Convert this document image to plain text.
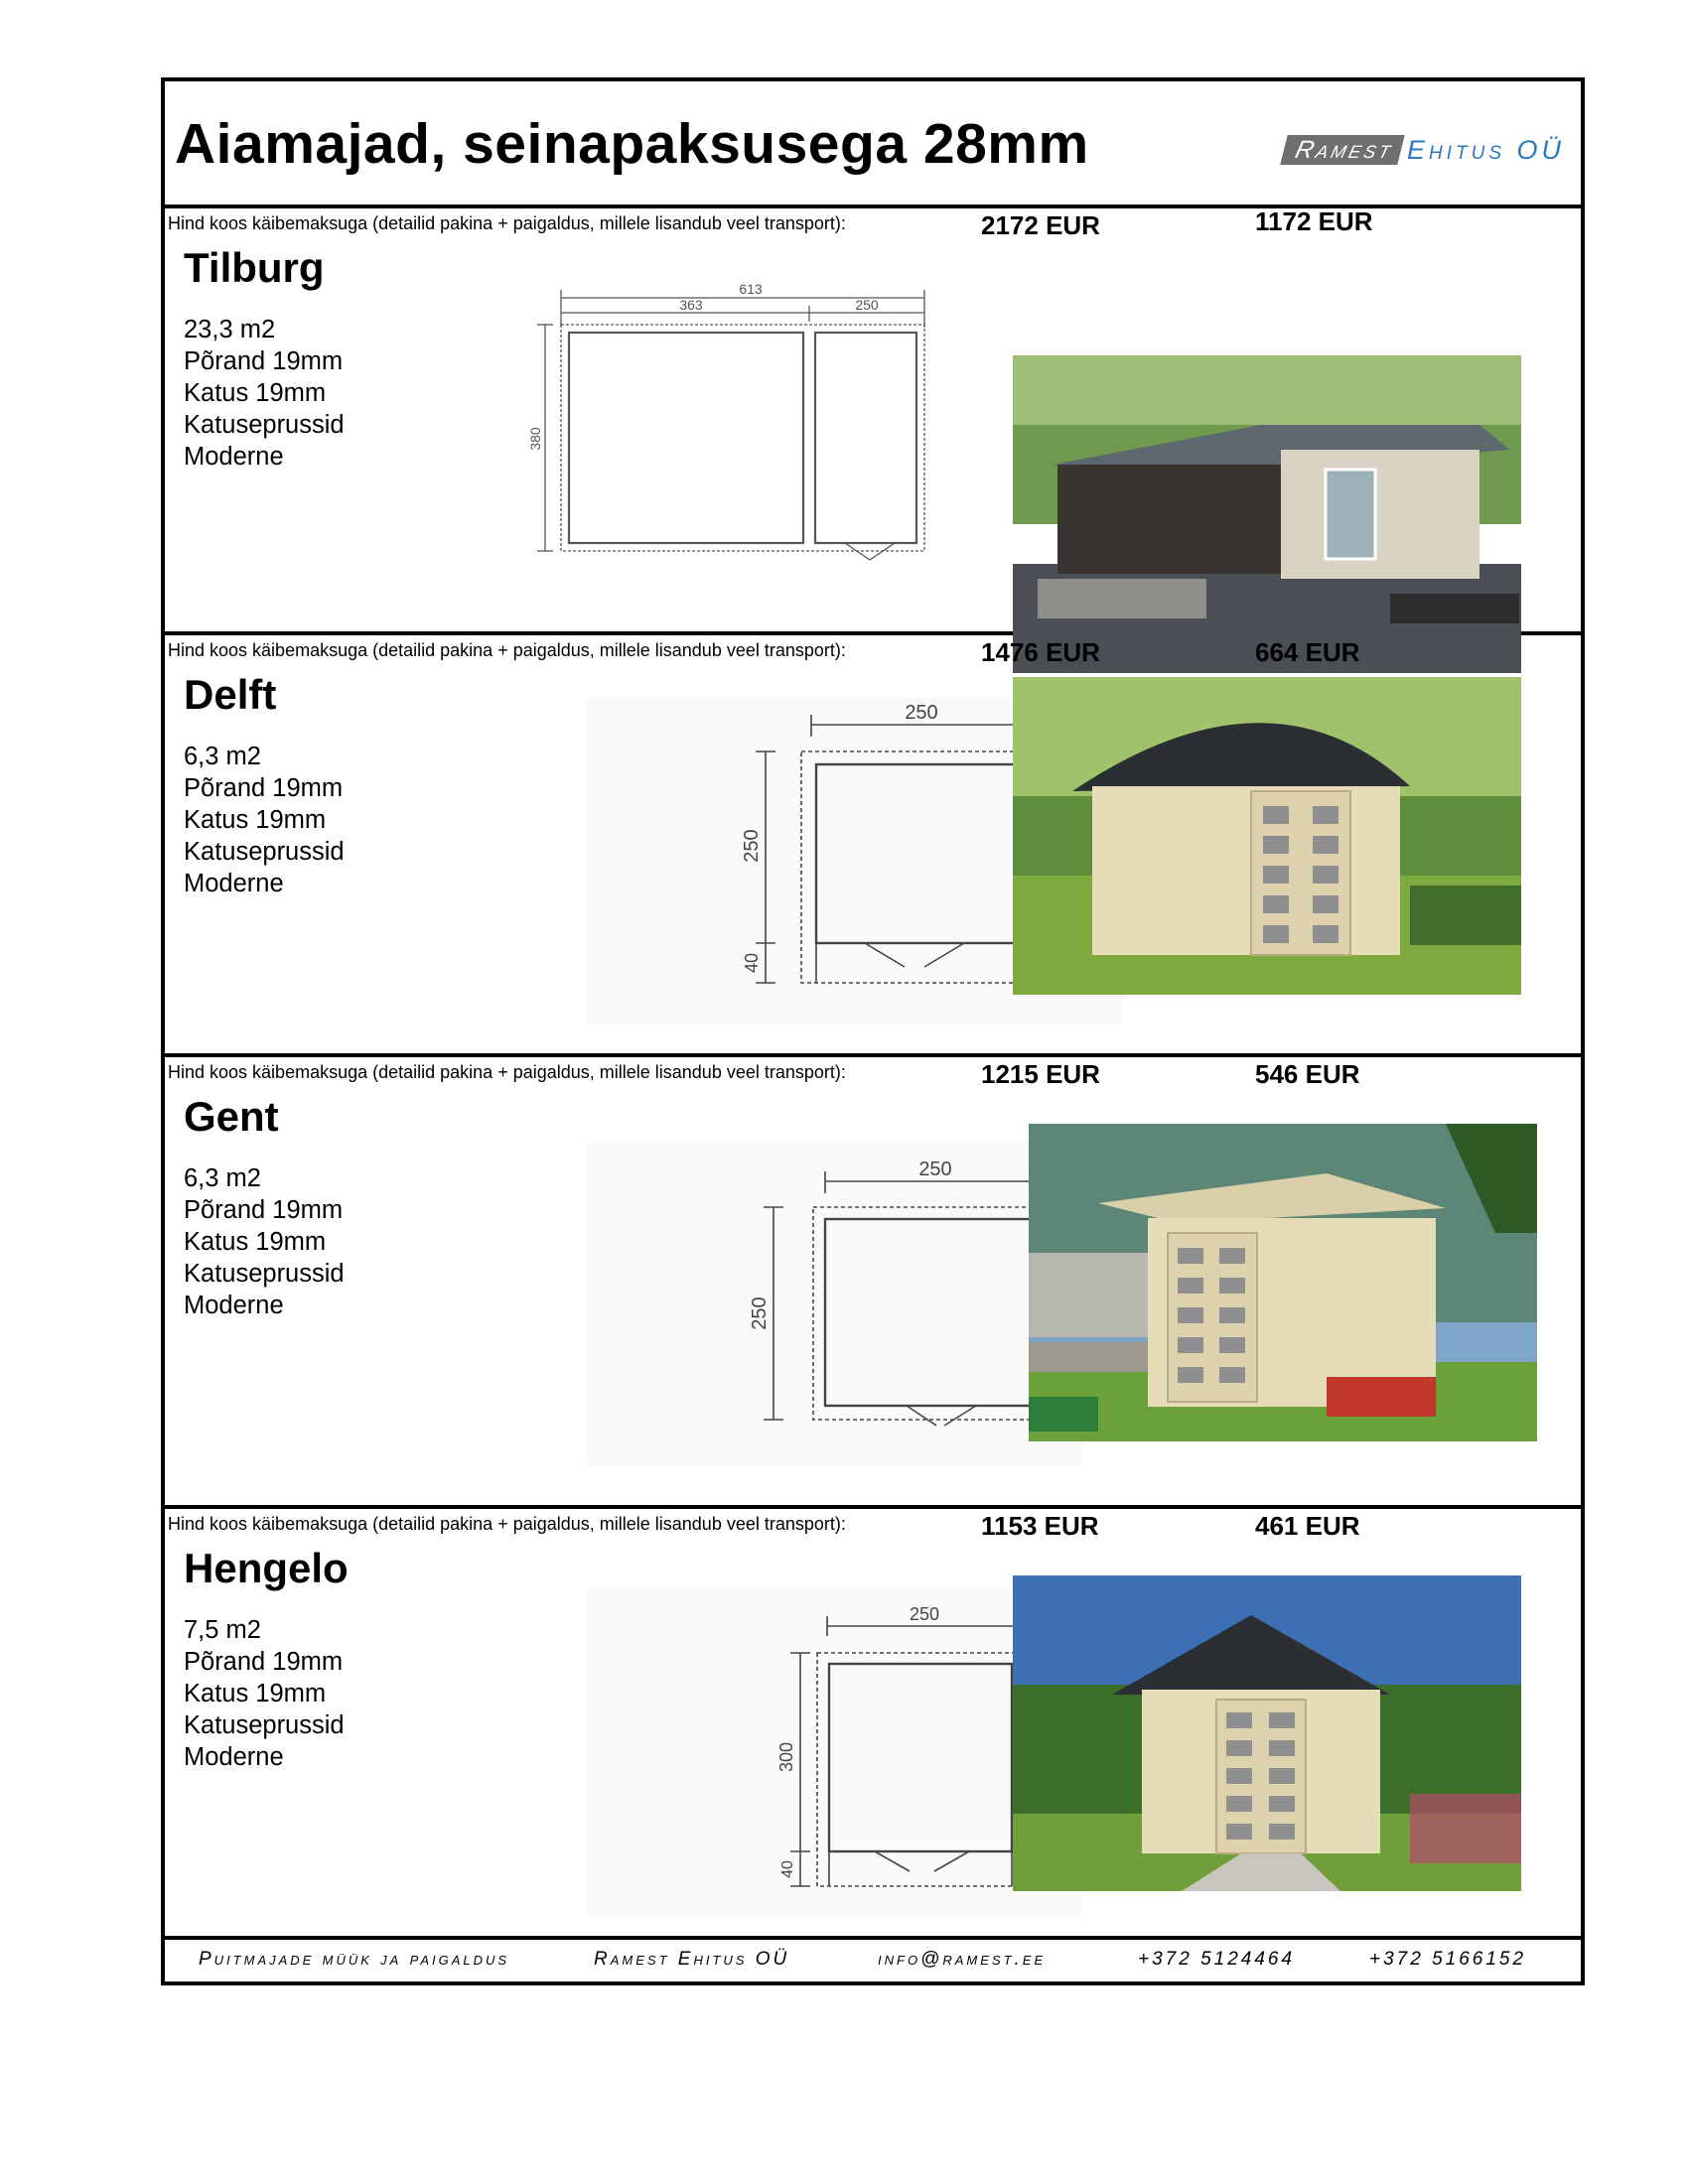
Aiamajad, seinapaksusega 28mm	Ramest Ehitus OÜ
Hind koos käibemaksuga (detailid pakina + paigaldus, millele lisandub veel transport):	2172 EUR	1172 EUR
Tilburg
23,3 m2
Põrand 19mm
Katus 19mm
Katuseprussid
Moderne
613
363	250
380
Hind koos käibemaksuga (detailid pakina + paigaldus, millele lisandub veel transport):	1476 EUR	664 EUR
Delft
6,3 m2
Põrand 19mm
Katus 19mm
Katuseprussid
Moderne
250
250
40
Hind koos käibemaksuga (detailid pakina + paigaldus, millele lisandub veel transport):	1215 EUR	546 EUR
Gent
6,3 m2
Põrand 19mm
Katus 19mm
Katuseprussid
Moderne
250
250
Hind koos käibemaksuga (detailid pakina + paigaldus, millele lisandub veel transport):	1153 EUR	461 EUR
Hengelo
7,5 m2
Põrand 19mm
Katus 19mm
Katuseprussid
Moderne
250
300
40
Puitmajade müük ja paigaldus	Ramest Ehitus OÜ	info@ramest.ee	+372 5124464	+372 5166152
